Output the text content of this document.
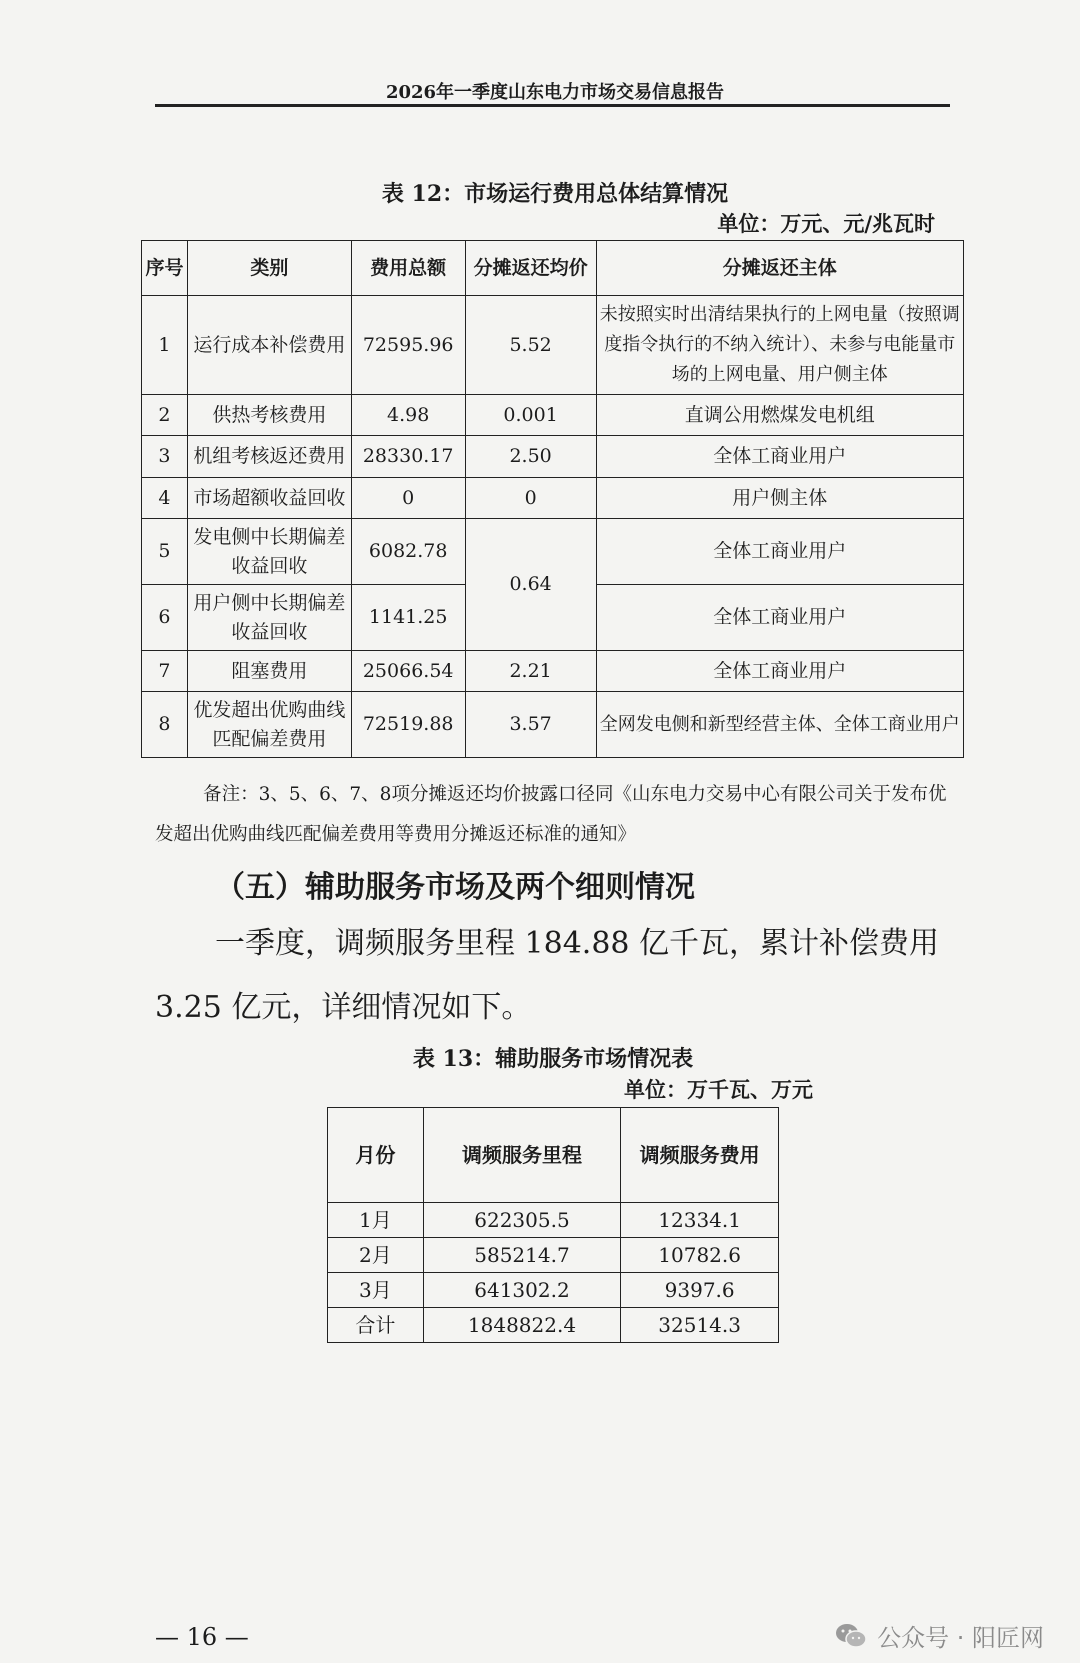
2026年一季度山东电力市场交易信息报告
表 12：市场运行费用总体结算情况
单位：万元、元/兆瓦时
序号	类别	费用总额	分摊返还均价	分摊返还主体
1	运行成本补偿费用	72595.96	5.52	未按照实时出清结果执行的上网电量（按照调度指令执行的不纳入统计）、未参与电能量市场的上网电量、用户侧主体
2	供热考核费用	4.98	0.001	直调公用燃煤发电机组
3	机组考核返还费用	28330.17	2.50	全体工商业用户
4	市场超额收益回收	0	0	用户侧主体
5	发电侧中长期偏差收益回收	6082.78	0.64	全体工商业用户
6	用户侧中长期偏差收益回收	1141.25		全体工商业用户
7	阻塞费用	25066.54	2.21	全体工商业用户
8	优发超出优购曲线匹配偏差费用	72519.88	3.57	全网发电侧和新型经营主体、全体工商业用户
备注：3、5、6、7、8项分摊返还均价披露口径同《山东电力交易中心有限公司关于发布优发超出优购曲线匹配偏差费用等费用分摊返还标准的通知》
（五）辅助服务市场及两个细则情况
一季度，调频服务里程 184.88 亿千瓦，累计补偿费用 3.25 亿元，详细情况如下。
表 13：辅助服务市场情况表
单位：万千瓦、万元
月份	调频服务里程	调频服务费用
1月	622305.5	12334.1
2月	585214.7	10782.6
3月	641302.2	9397.6
合计	1848822.4	32514.3
— 16 —	公众号 · 阳匠网
